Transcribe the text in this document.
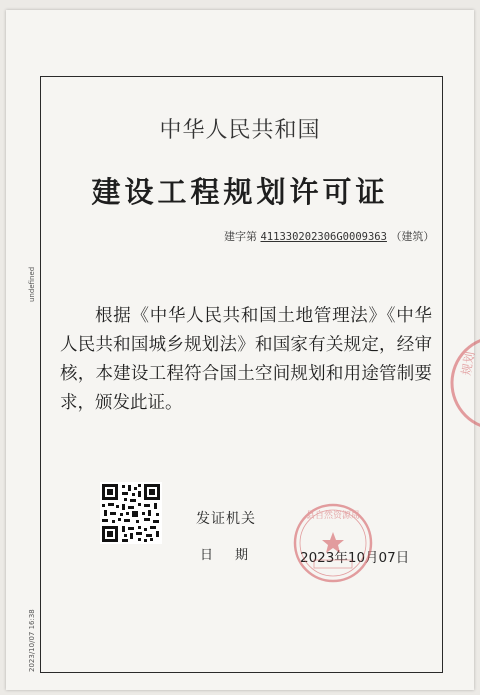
中华人民共和国
建设工程规划许可证
建字第 411330202306G0009363 （建筑）
根据《中华人民共和国土地管理法》《中华人民共和国城乡规划法》和国家有关规定，经审核，本建设工程符合国土空间规划和用途管制要求，颁发此证。
发证机关
日期 2023年10月07日
县自然资源局
规划
undefined
2023/10/07 16:38
